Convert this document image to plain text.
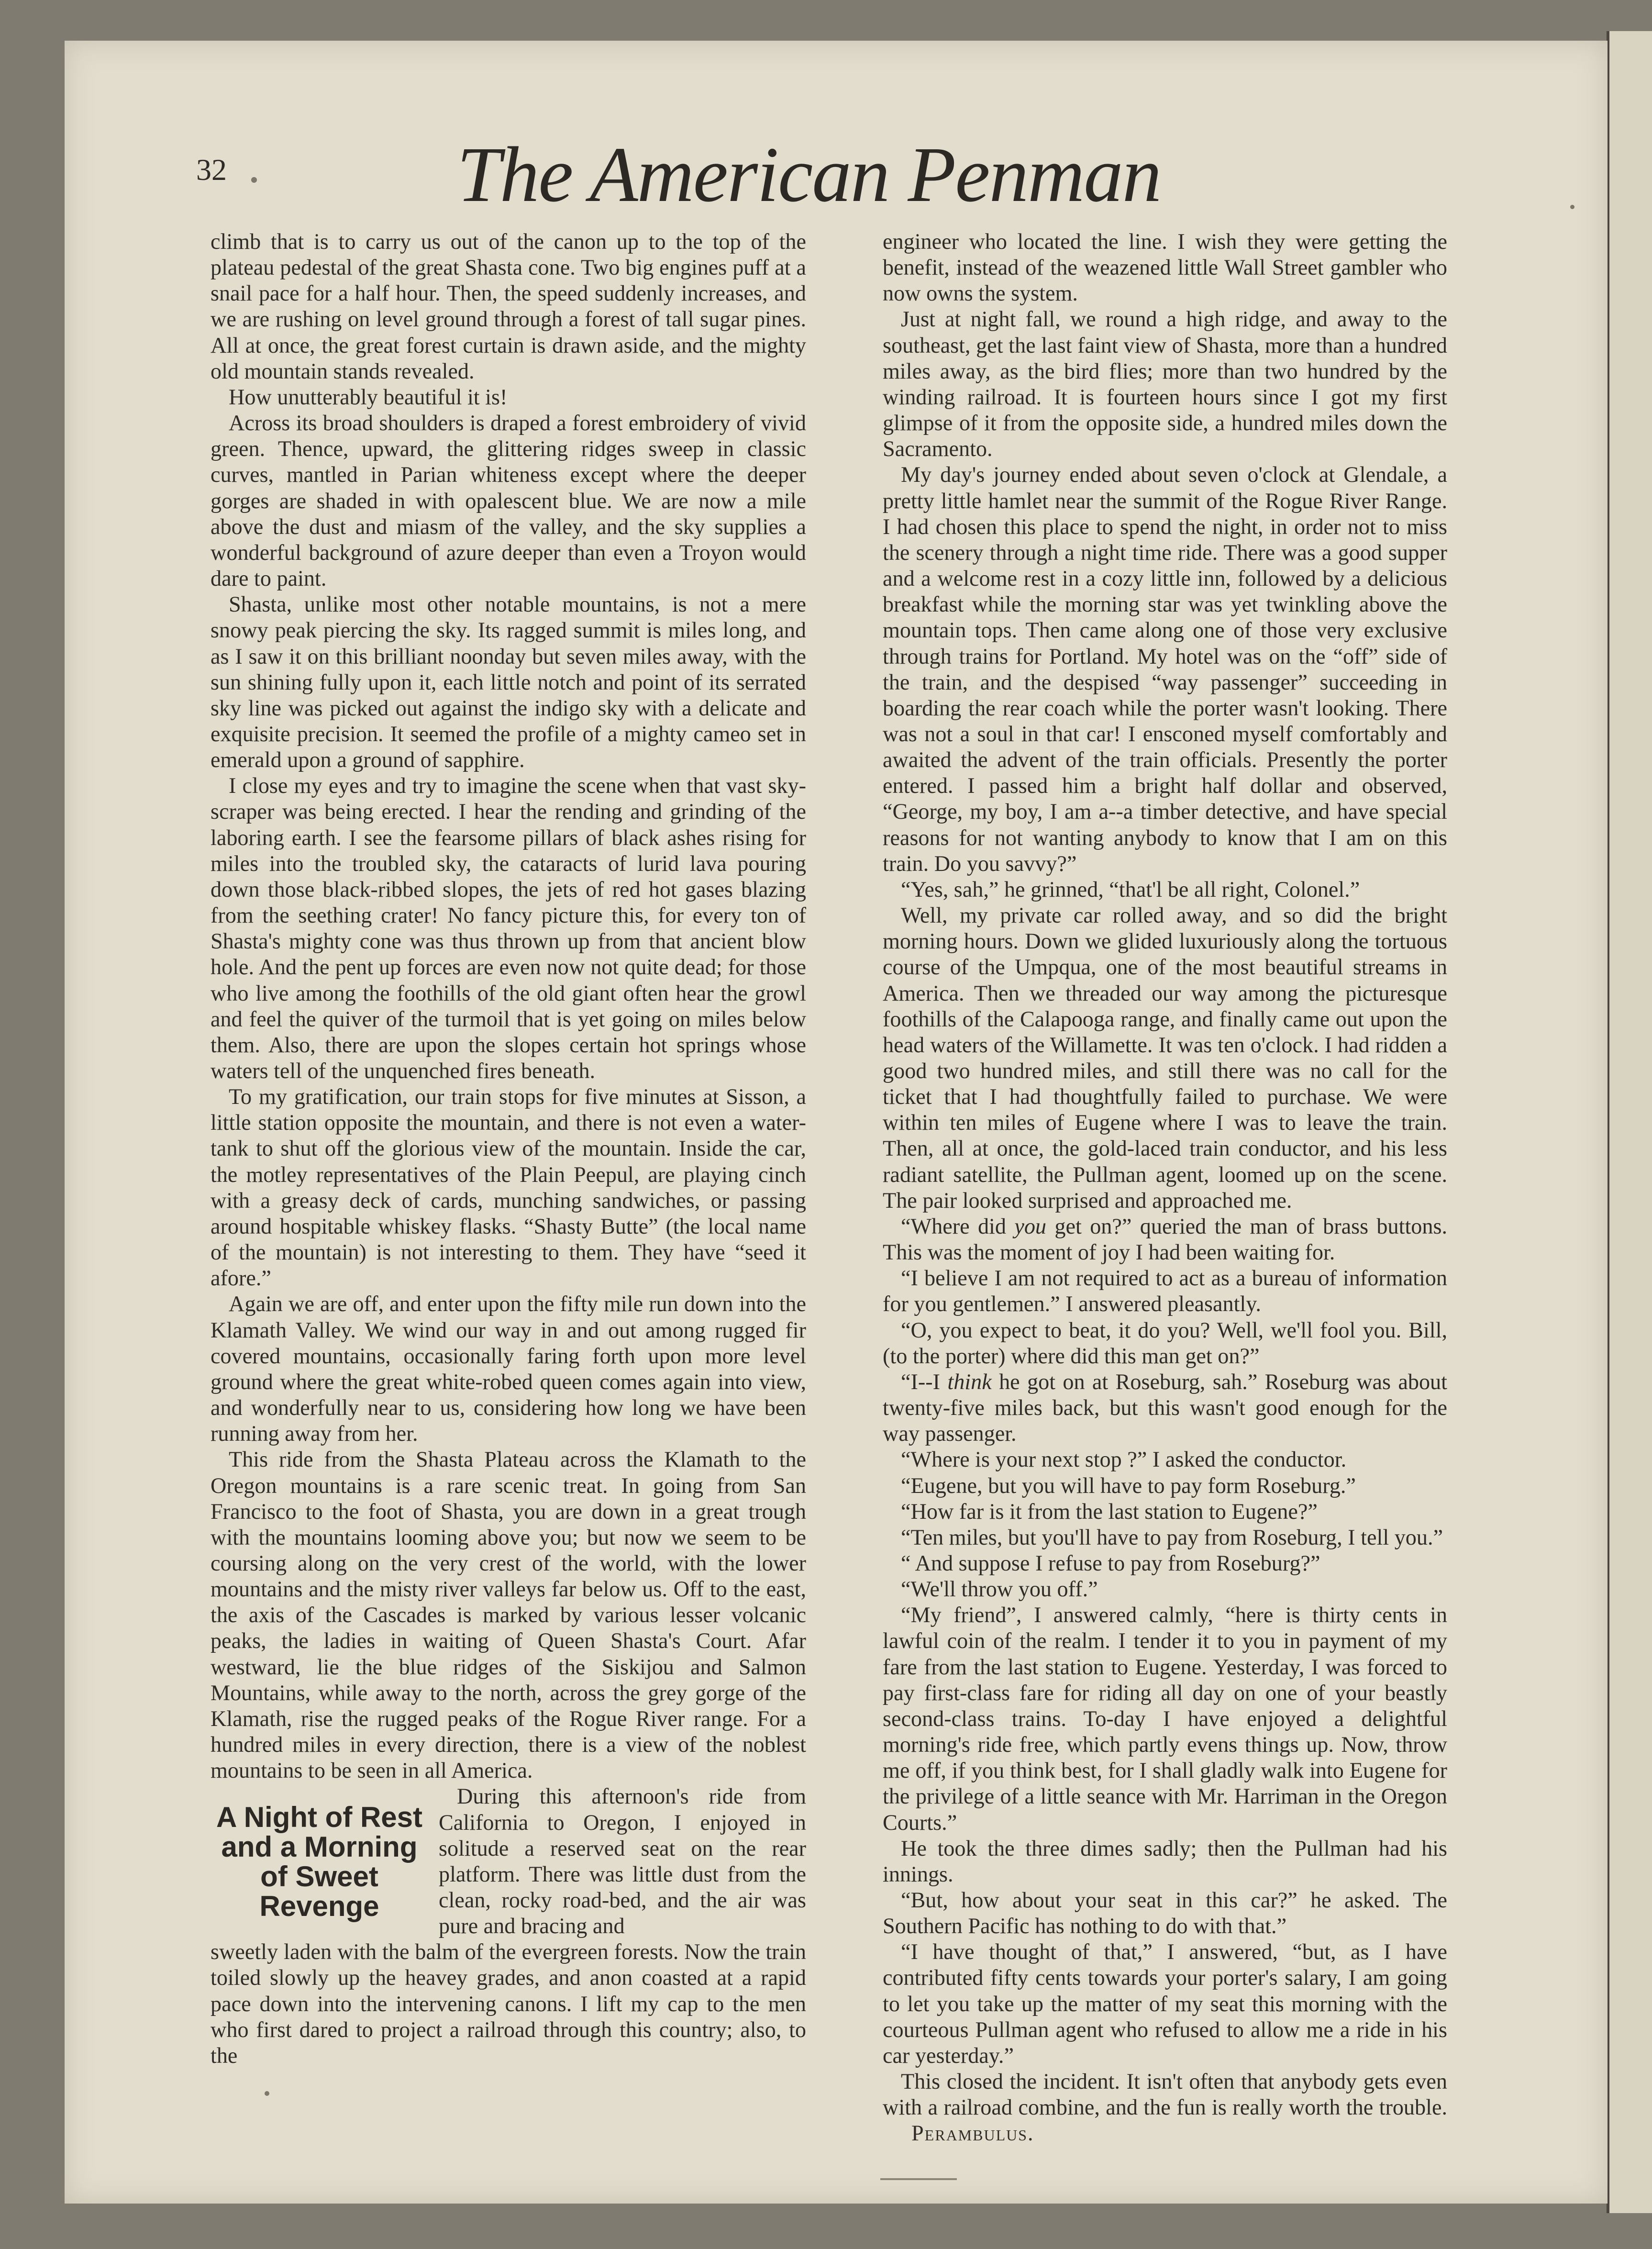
32	The American Penman

climb that is to carry us out of the canon up to the top of the plateau pedestal of the great Shasta cone. Two big engines puff at a snail pace for a half hour. Then, the speed suddenly increases, and we are rushing on level ground through a forest of tall sugar pines. All at once, the great forest curtain is drawn aside, and the mighty old mountain stands revealed.

How unutterably beautiful it is!

Across its broad shoulders is draped a forest embroidery of vivid green. Thence, upward, the glittering ridges sweep in classic curves, mantled in Parian whiteness except where the deeper gorges are shaded in with opalescent blue. We are now a mile above the dust and miasm of the valley, and the sky supplies a wonderful background of azure deeper than even a Troyon would dare to paint.

Shasta, unlike most other notable mountains, is not a mere snowy peak piercing the sky. Its ragged summit is miles long, and as I saw it on this brilliant noonday but seven miles away, with the sun shining fully upon it, each little notch and point of its serrated sky line was picked out against the indigo sky with a delicate and exquisite precision. It seemed the profile of a mighty cameo set in emerald upon a ground of sapphire.

I close my eyes and try to imagine the scene when that vast sky-scraper was being erected. I hear the rending and grinding of the laboring earth. I see the fearsome pillars of black ashes rising for miles into the troubled sky, the cataracts of lurid lava pouring down those black-ribbed slopes, the jets of red hot gases blazing from the seething crater! No fancy picture this, for every ton of Shasta's mighty cone was thus thrown up from that ancient blow hole. And the pent up forces are even now not quite dead; for those who live among the foothills of the old giant often hear the growl and feel the quiver of the turmoil that is yet going on miles below them. Also, there are upon the slopes certain hot springs whose waters tell of the unquenched fires beneath.

To my gratification, our train stops for five minutes at Sisson, a little station opposite the mountain, and there is not even a water-tank to shut off the glorious view of the mountain. Inside the car, the motley representatives of the Plain Peepul, are playing cinch with a greasy deck of cards, munching sandwiches, or passing around hospitable whiskey flasks. “Shasty Butte” (the local name of the mountain) is not interesting to them. They have “seed it afore.”

Again we are off, and enter upon the fifty mile run down into the Klamath Valley. We wind our way in and out among rugged fir covered mountains, occasionally faring forth upon more level ground where the great white-robed queen comes again into view, and wonderfully near to us, considering how long we have been running away from her.

This ride from the Shasta Plateau across the Klamath to the Oregon mountains is a rare scenic treat. In going from San Francisco to the foot of Shasta, you are down in a great trough with the mountains looming above you; but now we seem to be coursing along on the very crest of the world, with the lower mountains and the misty river valleys far below us. Off to the east, the axis of the Cascades is marked by various lesser volcanic peaks, the ladies in waiting of Queen Shasta's Court. Afar westward, lie the blue ridges of the Siskijou and Salmon Mountains, while away to the north, across the grey gorge of the Klamath, rise the rugged peaks of the Rogue River range. For a hundred miles in every direction, there is a view of the noblest mountains to be seen in all America.

A Night of Rest and a Morning of Sweet Revenge
During this afternoon's ride from California to Oregon, I enjoyed in solitude a reserved seat on the rear platform. There was little dust from the clean, rocky road-bed, and the air was pure and bracing and

sweetly laden with the balm of the evergreen forests. Now the train toiled slowly up the heavey grades, and anon coasted at a rapid pace down into the intervening canons. I lift my cap to the men who first dared to project a railroad through this country; also, to the

engineer who located the line. I wish they were getting the benefit, instead of the weazened little Wall Street gambler who now owns the system.

Just at night fall, we round a high ridge, and away to the southeast, get the last faint view of Shasta, more than a hundred miles away, as the bird flies; more than two hundred by the winding railroad. It is fourteen hours since I got my first glimpse of it from the opposite side, a hundred miles down the Sacramento.

My day's journey ended about seven o'clock at Glendale, a pretty little hamlet near the summit of the Rogue River Range. I had chosen this place to spend the night, in order not to miss the scenery through a night time ride. There was a good supper and a welcome rest in a cozy little inn, followed by a delicious breakfast while the morning star was yet twinkling above the mountain tops. Then came along one of those very exclusive through trains for Portland. My hotel was on the “off” side of the train, and the despised “way passenger” succeeding in boarding the rear coach while the porter wasn't looking. There was not a soul in that car! I ensconed myself comfortably and awaited the advent of the train officials. Presently the porter entered. I passed him a bright half dollar and observed, “George, my boy, I am a--a timber detective, and have special reasons for not wanting anybody to know that I am on this train. Do you savvy?”

“Yes, sah,” he grinned, “that'l be all right, Colonel.”

Well, my private car rolled away, and so did the bright morning hours. Down we glided luxuriously along the tortuous course of the Umpqua, one of the most beautiful streams in America. Then we threaded our way among the picturesque foothills of the Calapooga range, and finally came out upon the head waters of the Willamette. It was ten o'clock. I had ridden a good two hundred miles, and still there was no call for the ticket that I had thoughtfully failed to purchase. We were within ten miles of Eugene where I was to leave the train. Then, all at once, the gold-laced train conductor, and his less radiant satellite, the Pullman agent, loomed up on the scene. The pair looked surprised and approached me.

“Where did you get on?” queried the man of brass buttons. This was the moment of joy I had been waiting for.

“I believe I am not required to act as a bureau of information for you gentlemen.” I answered pleasantly.

“O, you expect to beat, it do you? Well, we'll fool you. Bill, (to the porter) where did this man get on?”

“I--I think he got on at Roseburg, sah.” Roseburg was about twenty-five miles back, but this wasn't good enough for the way passenger.

“Where is your next stop ?” I asked the conductor.

“Eugene, but you will have to pay form Roseburg.”

“How far is it from the last station to Eugene?”

“Ten miles, but you'll have to pay from Roseburg, I tell you.”

“ And suppose I refuse to pay from Roseburg?”

“We'll throw you off.”

“My friend”, I answered calmly, “here is thirty cents in lawful coin of the realm. I tender it to you in payment of my fare from the last station to Eugene. Yesterday, I was forced to pay first-class fare for riding all day on one of your beastly second-class trains. To-day I have enjoyed a delightful morning's ride free, which partly evens things up. Now, throw me off, if you think best, for I shall gladly walk into Eugene for the privilege of a little seance with Mr. Harriman in the Oregon Courts.”

He took the three dimes sadly; then the Pullman had his innings.

“But, how about your seat in this car?” he asked. The Southern Pacific has nothing to do with that.”

“I have thought of that,” I answered, “but, as I have contributed fifty cents towards your porter's salary, I am going to let you take up the matter of my seat this morning with the courteous Pullman agent who refused to allow me a ride in his car yesterday.”

This closed the incident. It isn't often that anybody gets even with a railroad combine, and the fun is really worth the trouble.Perambulus.
